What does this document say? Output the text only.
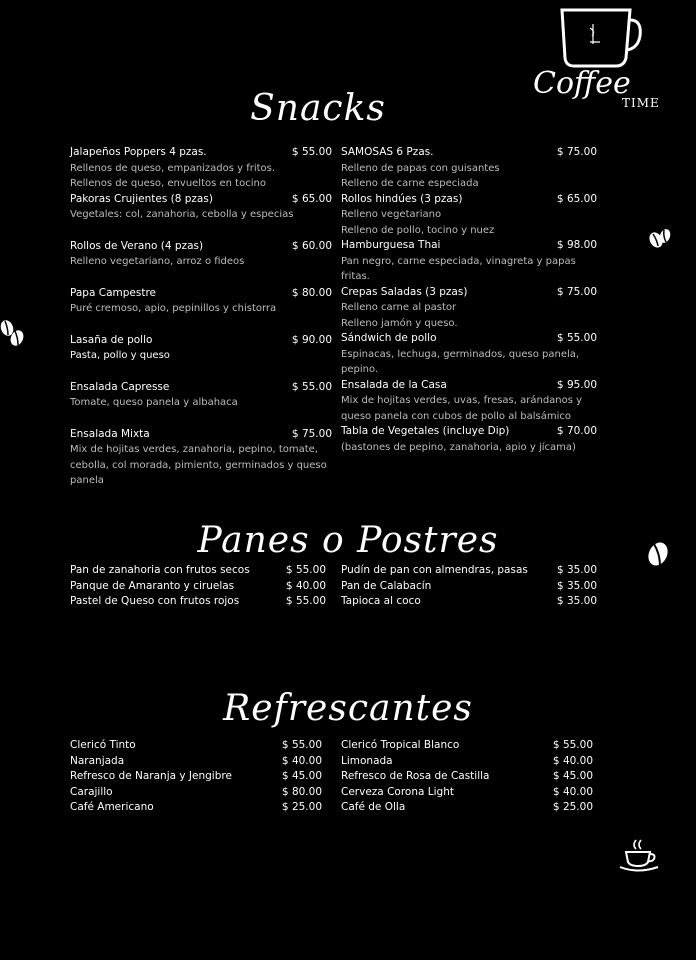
Coffee
TIME
Snacks
Panes o Postres
Refrescantes
Jalapeños Poppers 4 pzas.	$ 55.00
Rellenos de queso, empanizados y fritos.
Rellenos de queso, envueltos en tocino
Pakoras Crujientes (8 pzas)	$ 65.00
Vegetales: col, zanahoria, cebolla y especias
Rollos de Verano (4 pzas)	$ 60.00
Relleno vegetariano, arroz o fideos
Papa Campestre	$ 80.00
Puré cremoso, apio, pepinillos y chistorra
Lasaña de pollo	$ 90.00
Pasta, pollo y queso
Ensalada Capresse	$ 55.00
Tomate, queso panela y albahaca
Ensalada Mixta	$ 75.00
Mix de hojitas verdes, zanahoria, pepino, tomate,
cebolla, col morada, pimiento, germinados y queso
panela
SAMOSAS 6 Pzas.	$ 75.00
Relleno de papas con guisantes
Relleno de carne especiada
Rollos hindúes (3 pzas)	$ 65.00
Relleno vegetariano
Relleno de pollo, tocino y nuez
Hamburguesa Thai	$ 98.00
Pan negro, carne especiada, vinagreta y papas
fritas.
Crepas Saladas (3 pzas)	$ 75.00
Relleno carne al pastor
Relleno jamón y queso.
Sándwich de pollo	$ 55.00
Espinacas, lechuga, germinados, queso panela,
pepino.
Ensalada de la Casa	$ 95.00
Mix de hojitas verdes, uvas, fresas, arándanos y
queso panela con cubos de pollo al balsámico
Tabla de Vegetales (incluye Dip)	$ 70.00
(bastones de pepino, zanahoria, apio y jícama)
Pan de zanahoria con frutos secos	$ 55.00
Panque de Amaranto y ciruelas	$ 40.00
Pastel de Queso con frutos rojos	$ 55.00
Pudín de pan con almendras, pasas	$ 35.00
Pan de Calabacín	$ 35.00
Tapioca al coco	$ 35.00
Clericó Tinto	$ 55.00
Naranjada	$ 40.00
Refresco de Naranja y Jengibre	$ 45.00
Carajillo	$ 80.00
Café Americano	$ 25.00
Clericó Tropical Blanco	$ 55.00
Limonada	$ 40.00
Refresco de Rosa de Castilla	$ 45.00
Cerveza Corona Light	$ 40.00
Café de Olla	$ 25.00
